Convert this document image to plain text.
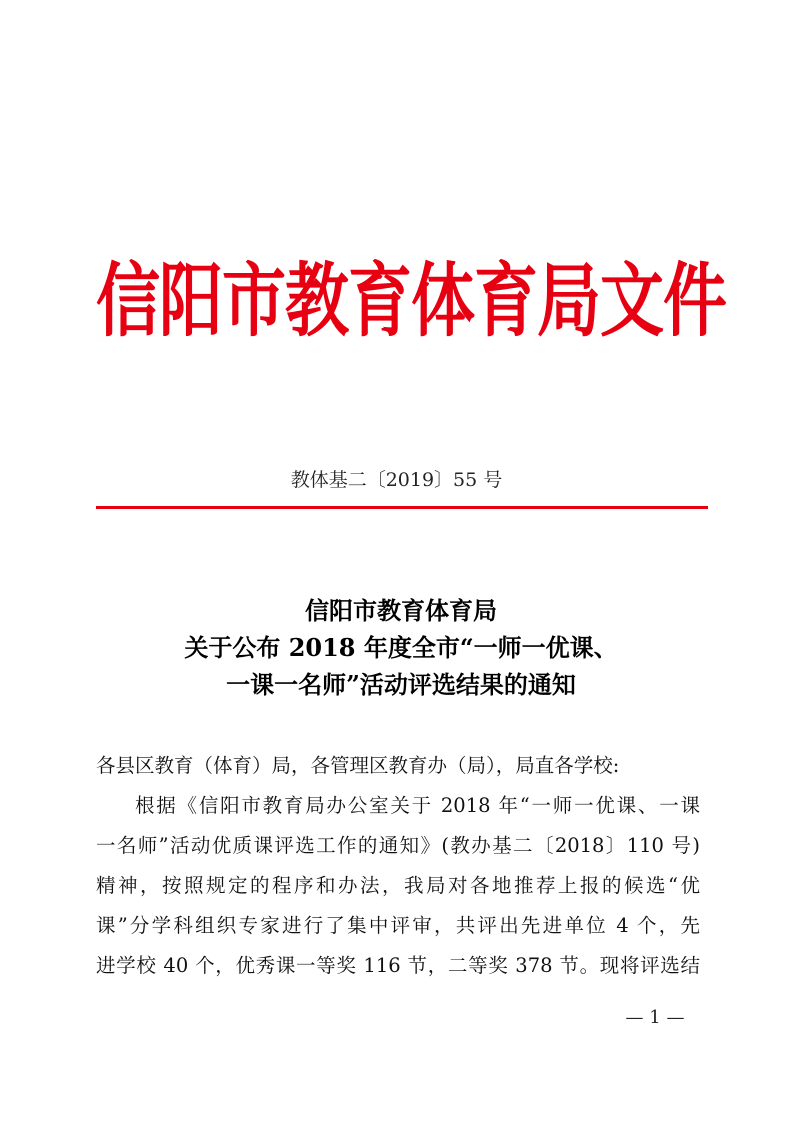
信阳市教育体育局文件
教体基二〔2019〕55 号
信阳市教育体育局
关于公布 2018 年度全市“一师一优课、
一课一名师”活动评选结果的通知

各县区教育（体育）局，各管理区教育办（局），局直各学校:

根据《信阳市教育局办公室关于 2018 年“一师一优课、一课

一名师”活动优质课评选工作的通知》(教办基二〔2018〕110 号)

精神，按照规定的程序和办法，我局对各地推荐上报的候选“优

课”分学科组织专家进行了集中评审，共评出先进单位 4 个，先

进学校 40 个，优秀课一等奖 116 节，二等奖 378 节。现将评选结

— 1 —
